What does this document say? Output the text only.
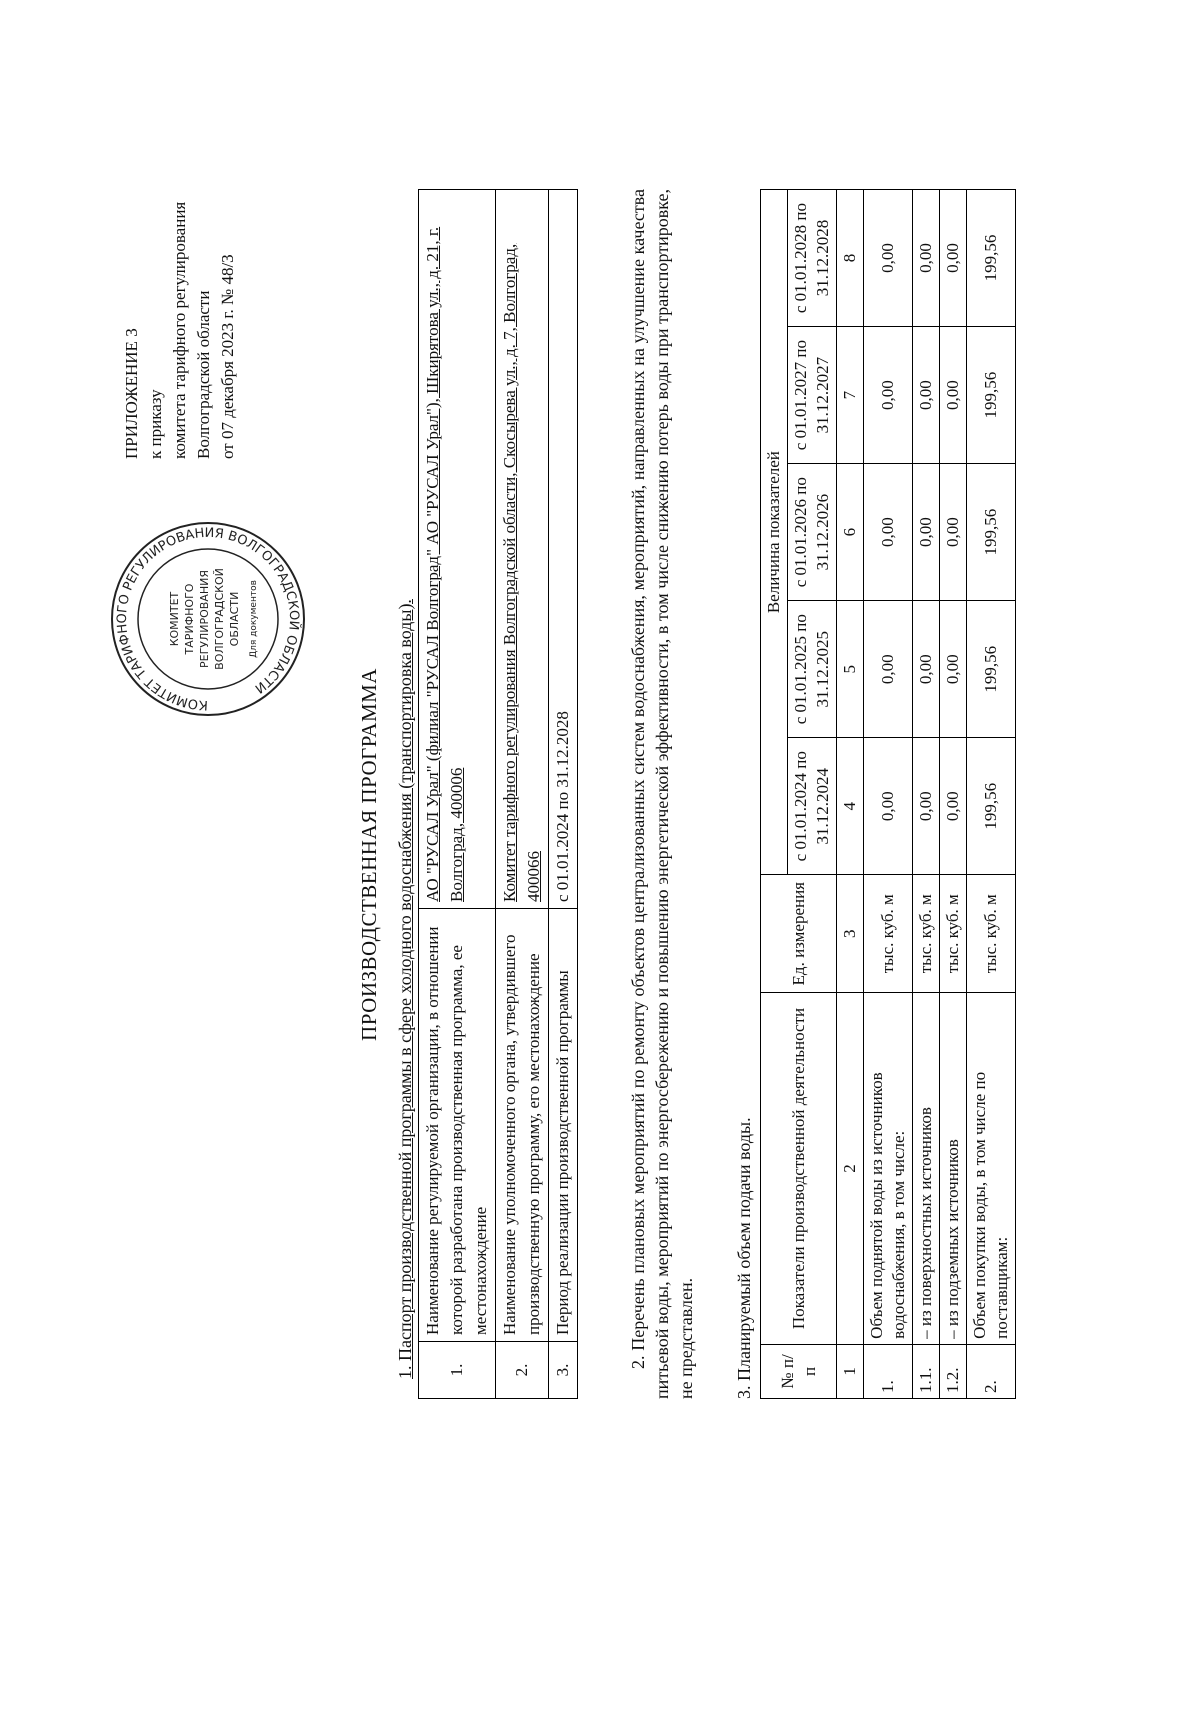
ПРИЛОЖЕНИЕ 3 к приказу комитета тарифного регулирования Волгоградской области от 07 декабря 2023 г. № 48/3
КОМИТЕТ ТАРИФНОГО РЕГУЛИРОВАНИЯ ВОЛГОГРАДСКОЙ ОБЛАСТИ
КОМИТЕТ ТАРИФНОГО РЕГУЛИРОВАНИЯ ВОЛГОГРАДСКОЙ ОБЛАСТИ Для документов
ПРОИЗВОДСТВЕННАЯ ПРОГРАММА 1. Паспорт производственной программы в сфере холодного водоснабжения (транспортировка воды). 1.	Наименование регулируемой организации, в отношении которой разработана производственная программа, ее местонахождение	АО "РУСАЛ Урал" (филиал "РУСАЛ Волгоград" АО "РУСАЛ Урал"), Шкирятова ул., д. 21, г. Волгоград, 400006
2.	Наименование уполномоченного органа, утвердившего производственную программу, его местонахождение	Комитет тарифного регулирования Волгоградской области, Скосырева ул., д. 7, Волгоград, 400066
3.	Период реализации производственной программы	с 01.01.2024 по 31.12.2028	2. Перечень плановых мероприятий по ремонту объектов централизованных систем водоснабжения, мероприятий, направленных на улучшение качества питьевой воды, мероприятий по энергосбережению и повышению энергетической эффективности, в том числе снижению потерь воды при транспортировке, не представлен. 3. Планируемый объем подачи воды. № п/п	Показатели производственной деятельности	Ед. измерения	Величина показателей				
			с 01.01.2024 по 31.12.2024	с 01.01.2025 по 31.12.2025	с 01.01.2026 по 31.12.2026	с 01.01.2027 по 31.12.2027	с 01.01.2028 по 31.12.2028
1	2	3	4	5	6	7	8
1.	Объем поднятой воды из источников водоснабжения, в том числе:	тыс. куб. м	0,00	0,00	0,00	0,00	0,00
1.1.	– из поверхностных источников	тыс. куб. м	0,00	0,00	0,00	0,00	0,00
1.2.	– из подземных источников	тыс. куб. м	0,00	0,00	0,00	0,00	0,00
2.	Объем покупки воды, в том числе по поставщикам:	тыс. куб. м	199,56	199,56	199,56	199,56	199,56
